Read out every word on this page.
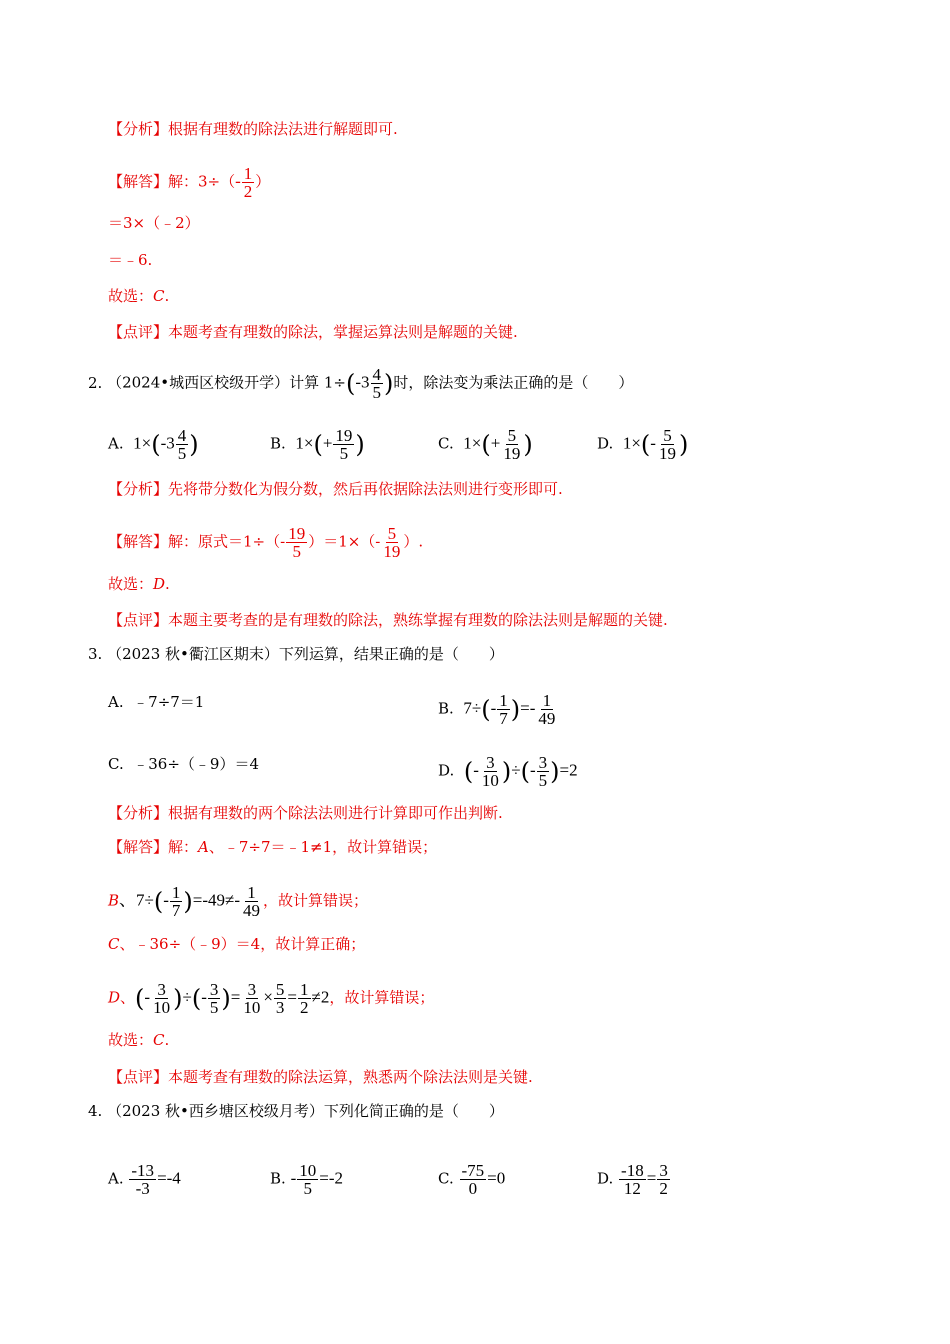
【分析】根据有理数的除法法进行解题即可.
【解答】解：$3\div(- \frac{1}{2}$ ）
＝3×（﹣2）
＝﹣6.
故选：C.
【点评】本题考查有理数的除法，掌握运算法则是解题的关键.
2. （2024•城西区校级开学）计算 $1\div(-3 \frac{4}{5}$ )时，除法变为乘法正确的是（　　）
A. $1\times(-3 \frac{4}{5}$ )	B. $1\times(+ \frac{19}{5}$ )	C. $1\times(+ \frac{5}{19}$ )	D. $1\times(- \frac{5}{19}$ )
【分析】先将带分数化为假分数，然后再依据除法法则进行变形即可.
【解答】解：原式$=1\div(- \frac{19}{5} )=1\times(- \frac{5}{19}$ ）.
故选：D.
【点评】本题主要考查的是有理数的除法，熟练掌握有理数的除法法则是解题的关键.
3. （2023 秋•衢江区期末）下列运算，结果正确的是（　　）
A. ﹣7÷7＝1	B. $7\div(- \frac{1}{7}$ )=- $\frac{1}{49}$
C. ﹣36÷（﹣9）＝4	D. (- $\frac{3}{10}$ )÷(- $\frac{3}{5} )=2$
【分析】根据有理数的两个除法法则进行计算即可作出判断.
【解答】解：A、﹣7÷7＝﹣1≠1，故计算错误；
B、$7\div(- \frac{1}{7} )=-49\ne- \frac{1}{49}$ ，故计算错误；
C、﹣36÷（﹣9）＝4，故计算正确；
D、(- $\frac{3}{10}$ )÷(- $\frac{3}{5}$ )= $\frac{3}{10} \times \frac{5}{3} = \frac{1}{2} \ne 2$，故计算错误；
故选：C.
【点评】本题考查有理数的除法运算，熟悉两个除法法则是关键.
4. （2023 秋•西乡塘区校级月考）下列化简正确的是（　　）
A. $\frac{-13}{-3} =-4$	B. - $\frac{10}{5} =-2$	C. $\frac{-75}{0} =0$	D. $\frac{-18}{12} = \frac{3}{2}$
